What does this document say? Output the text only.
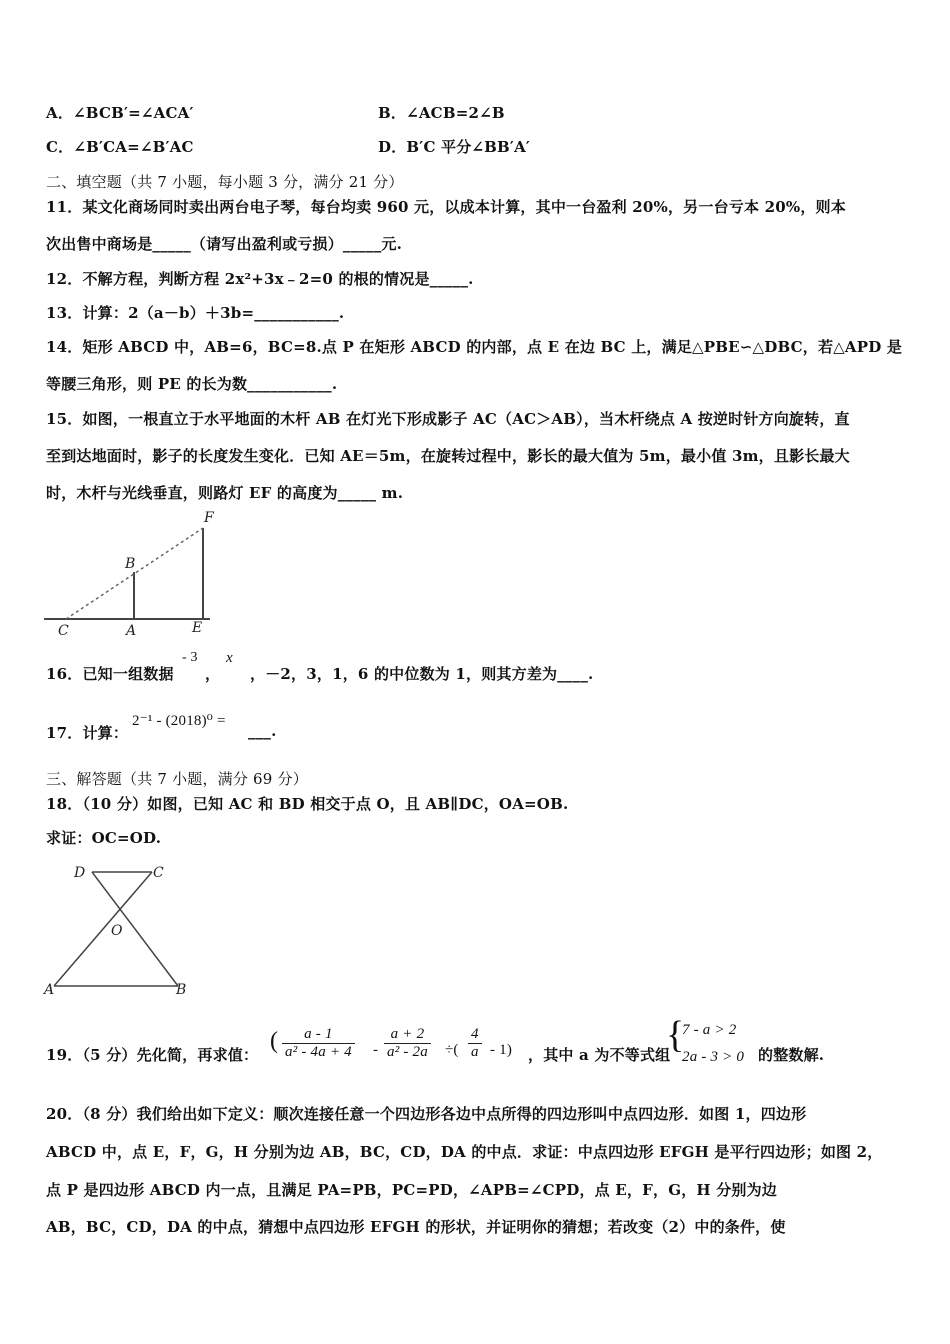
A．∠BCB′=∠ACA′	B．∠ACB=2∠B
C．∠B′CA=∠B′AC	D．B′C 平分∠BB′A′
二、填空题（共 7 小题，每小题 3 分，满分 21 分）
11．某文化商场同时卖出两台电子琴，每台均卖 960 元，以成本计算，其中一台盈利 20%，另一台亏本 20%，则本
次出售中商场是_____（请写出盈利或亏损）_____元.
12．不解方程，判断方程 2x²+3x﹣2=0 的根的情况是_____.
13．计算：2（a－b）＋3b=___________.
14．矩形 ABCD 中，AB=6，BC=8.点 P 在矩形 ABCD 的内部，点 E 在边 BC 上，满足△PBE∽△DBC，若△APD 是
等腰三角形，则 PE 的长为数___________.
15．如图，一根直立于水平地面的木杆 AB 在灯光下形成影子 AC（AC＞AB），当木杆绕点 A 按逆时针方向旋转，直
至到达地面时，影子的长度发生变化．已知 AE＝5m，在旋转过程中，影长的最大值为 5m，最小值 3m，且影长最大
时，木杆与光线垂直，则路灯 EF 的高度为_____ m.
F
B
C	A	E
16．已知一组数据
- 3
，
x
，－2，3，1，6 的中位数为 1，则其方差为____.
17．计算：
2⁻¹ - (2018)⁰ =
___.
三、解答题（共 7 小题，满分 69 分）
18．（10 分）如图，已知 AC 和 BD 相交于点 O，且 AB∥DC，OA=OB.
求证：OC=OD.
D	C
O
A	B
19．（5 分）先化简，再求值：
( $\frac{a - 1}{\text{a² - 4a + 4}} - \frac{a + 2}{\text{a² - 2a}}$ ÷( $\frac{4}{a} - 1$) ，其中 a 为不等式组
{
7 - a > 2
2a - 3 > 0 的整数解.
20．（8 分）我们给出如下定义：顺次连接任意一个四边形各边中点所得的四边形叫中点四边形．如图 1，四边形
ABCD 中，点 E，F，G，H 分别为边 AB，BC，CD，DA 的中点．求证：中点四边形 EFGH 是平行四边形；如图 2，
点 P 是四边形 ABCD 内一点，且满足 PA=PB，PC=PD，∠APB=∠CPD，点 E，F，G，H 分别为边
AB，BC，CD，DA 的中点，猜想中点四边形 EFGH 的形状，并证明你的猜想；若改变（2）中的条件，使
